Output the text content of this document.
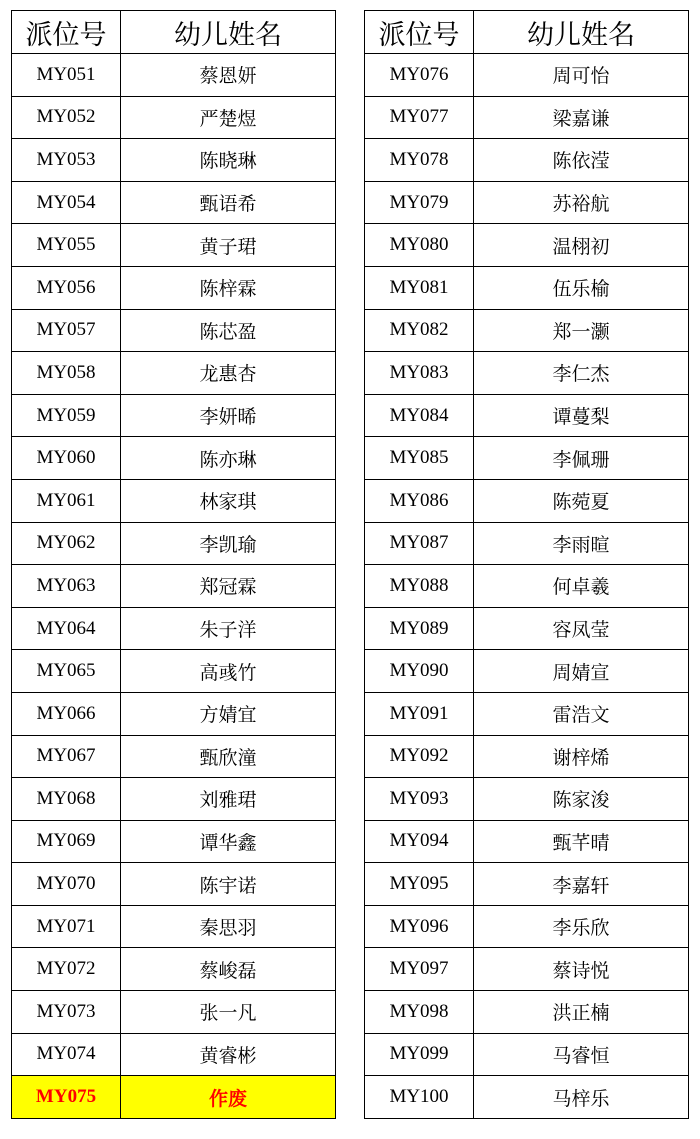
派位号	幼儿姓名
MY051	蔡恩妍
MY052	严楚煜
MY053	陈晓琳
MY054	甄语希
MY055	黄子珺
MY056	陈梓霖
MY057	陈芯盈
MY058	龙惠杏
MY059	李妍晞
MY060	陈亦琳
MY061	林家琪
MY062	李凯瑜
MY063	郑冠霖
MY064	朱子洋
MY065	高彧竹
MY066	方婧宜
MY067	甄欣潼
MY068	刘雅珺
MY069	谭华鑫
MY070	陈宇诺
MY071	秦思羽
MY072	蔡峻磊
MY073	张一凡
MY074	黄睿彬
MY075	作废
派位号	幼儿姓名
MY076	周可怡
MY077	梁嘉谦
MY078	陈依滢
MY079	苏裕航
MY080	温栩初
MY081	伍乐榆
MY082	郑一灏
MY083	李仁杰
MY084	谭蔓梨
MY085	李佩珊
MY086	陈菀夏
MY087	李雨暄
MY088	何卓羲
MY089	容凤莹
MY090	周婧宣
MY091	雷浩文
MY092	谢梓烯
MY093	陈家浚
MY094	甄芊晴
MY095	李嘉轩
MY096	李乐欣
MY097	蔡诗悦
MY098	洪正楠
MY099	马睿恒
MY100	马梓乐
